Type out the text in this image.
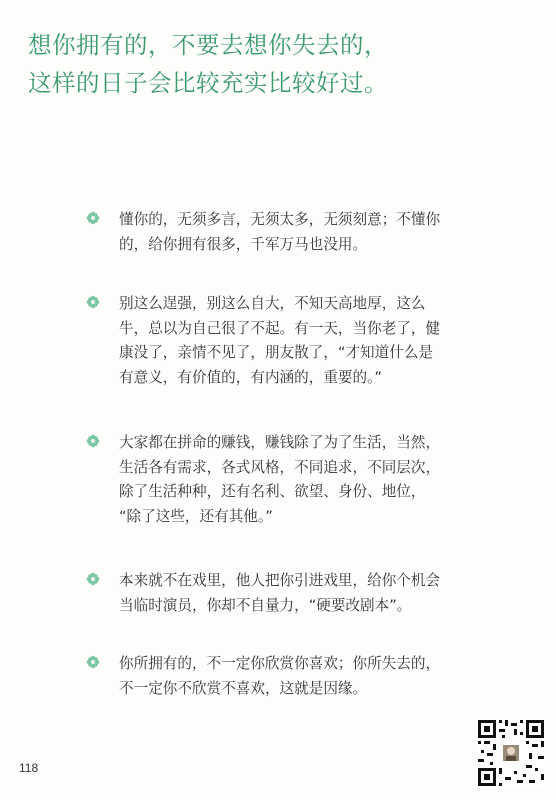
想你拥有的，不要去想你失去的，
这样的日子会比较充实比较好过。
懂你的，无须多言，无须太多，无须刻意；不懂你
的，给你拥有很多，千军万马也没用。
别这么逞强，别这么自大，不知天高地厚，这么
牛，总以为自己很了不起。有一天，当你老了，健
康没了，亲情不见了，朋友散了，“才知道什么是
有意义，有价值的，有内涵的，重要的。”
大家都在拼命的赚钱，赚钱除了为了生活，当然，
生活各有需求，各式风格，不同追求，不同层次，
除了生活种种，还有名利、欲望、身份、地位，
“除了这些，还有其他。”
本来就不在戏里，他人把你引进戏里，给你个机会
当临时演员，你却不自量力，“硬要改剧本”。
你所拥有的，不一定你欣赏你喜欢；你所失去的，
不一定你不欣赏不喜欢，这就是因缘。
118
